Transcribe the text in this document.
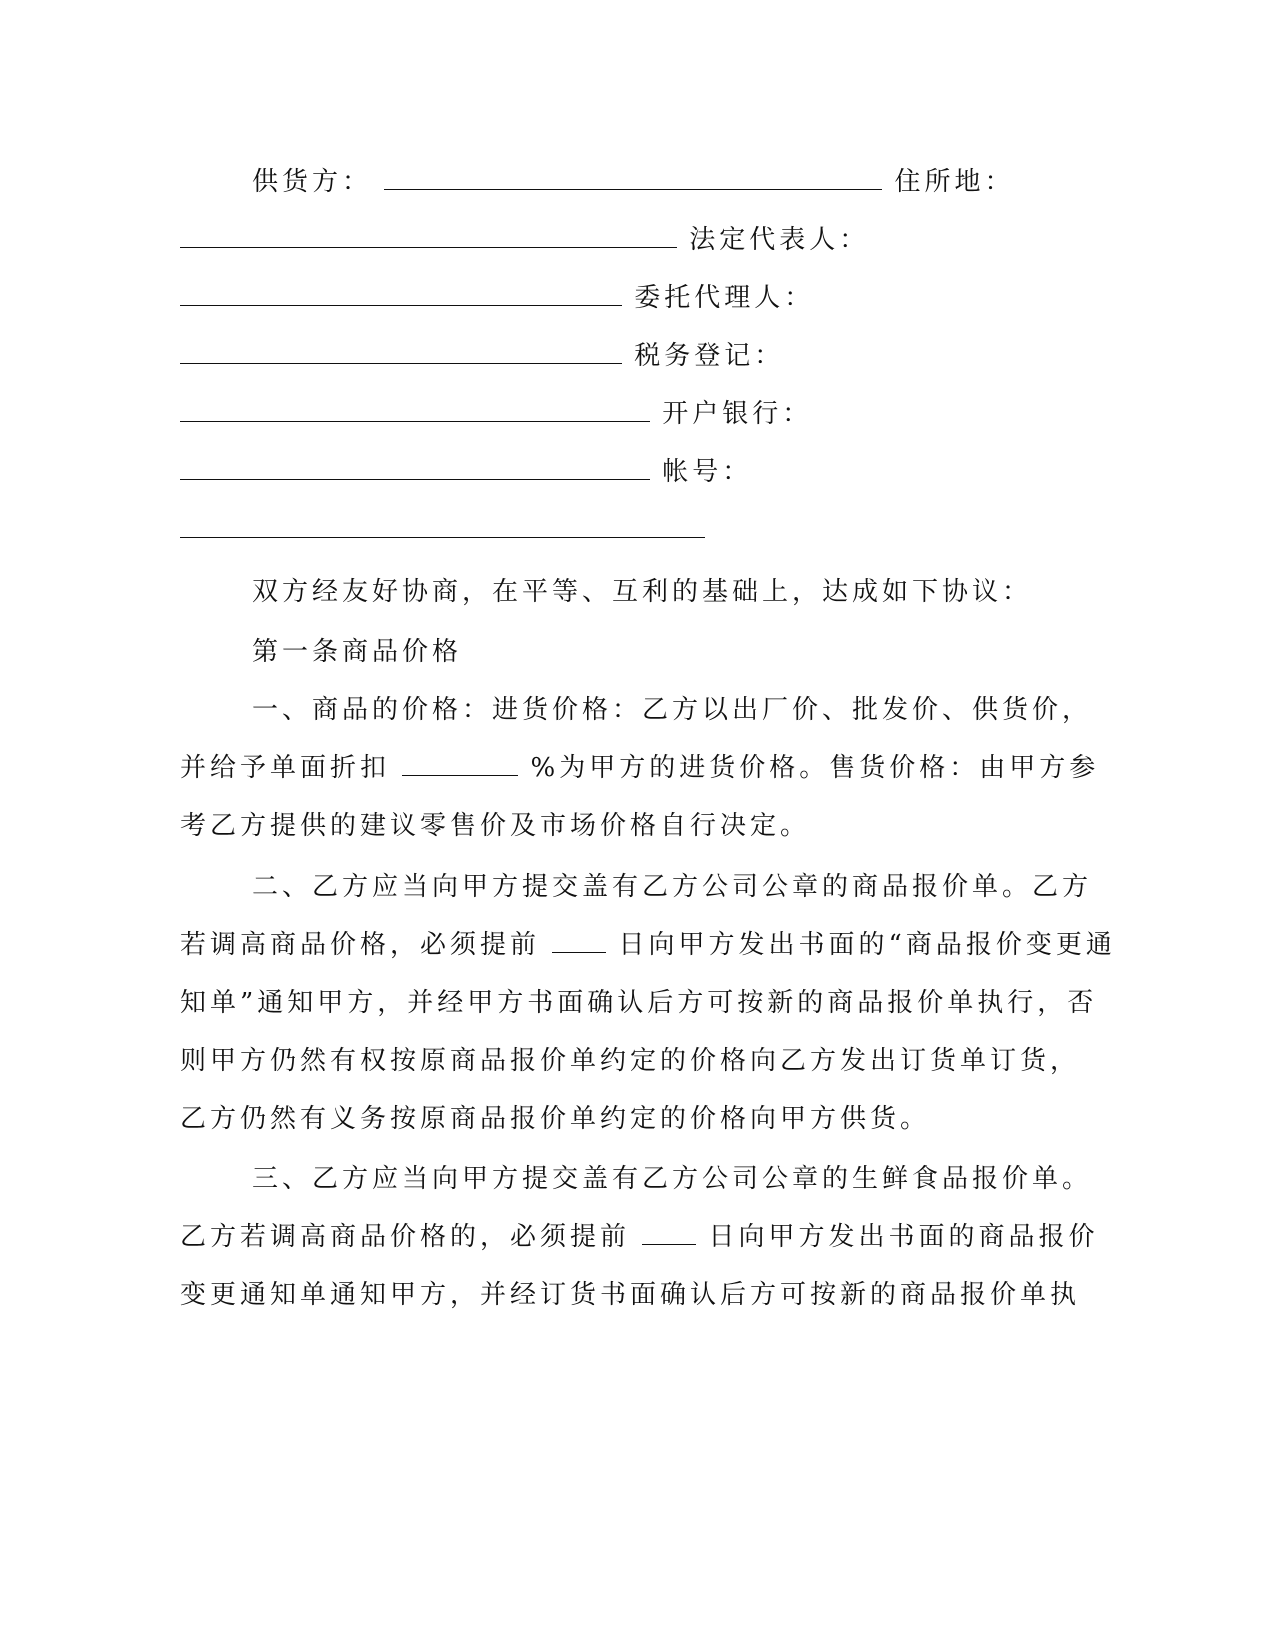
供货方：	住所地：

法定代表人：

委托代理人：

税务登记：

开户银行：

帐号：

双方经友好协商，在平等、互利的基础上，达成如下协议：

第一条商品价格

一、商品的价格：进货价格：乙方以出厂价、批发价、供货价，

并给予单面折扣	%为甲方的进货价格。售货价格：由甲方参

考乙方提供的建议零售价及市场价格自行决定。

二、乙方应当向甲方提交盖有乙方公司公章的商品报价单。乙方

若调高商品价格，必须提前	日向甲方发出书面的“商品报价变更通

知单”通知甲方，并经甲方书面确认后方可按新的商品报价单执行，否

则甲方仍然有权按原商品报价单约定的价格向乙方发出订货单订货，

乙方仍然有义务按原商品报价单约定的价格向甲方供货。

三、乙方应当向甲方提交盖有乙方公司公章的生鲜食品报价单。

乙方若调高商品价格的，必须提前	日向甲方发出书面的商品报价

变更通知单通知甲方，并经订货书面确认后方可按新的商品报价单执
